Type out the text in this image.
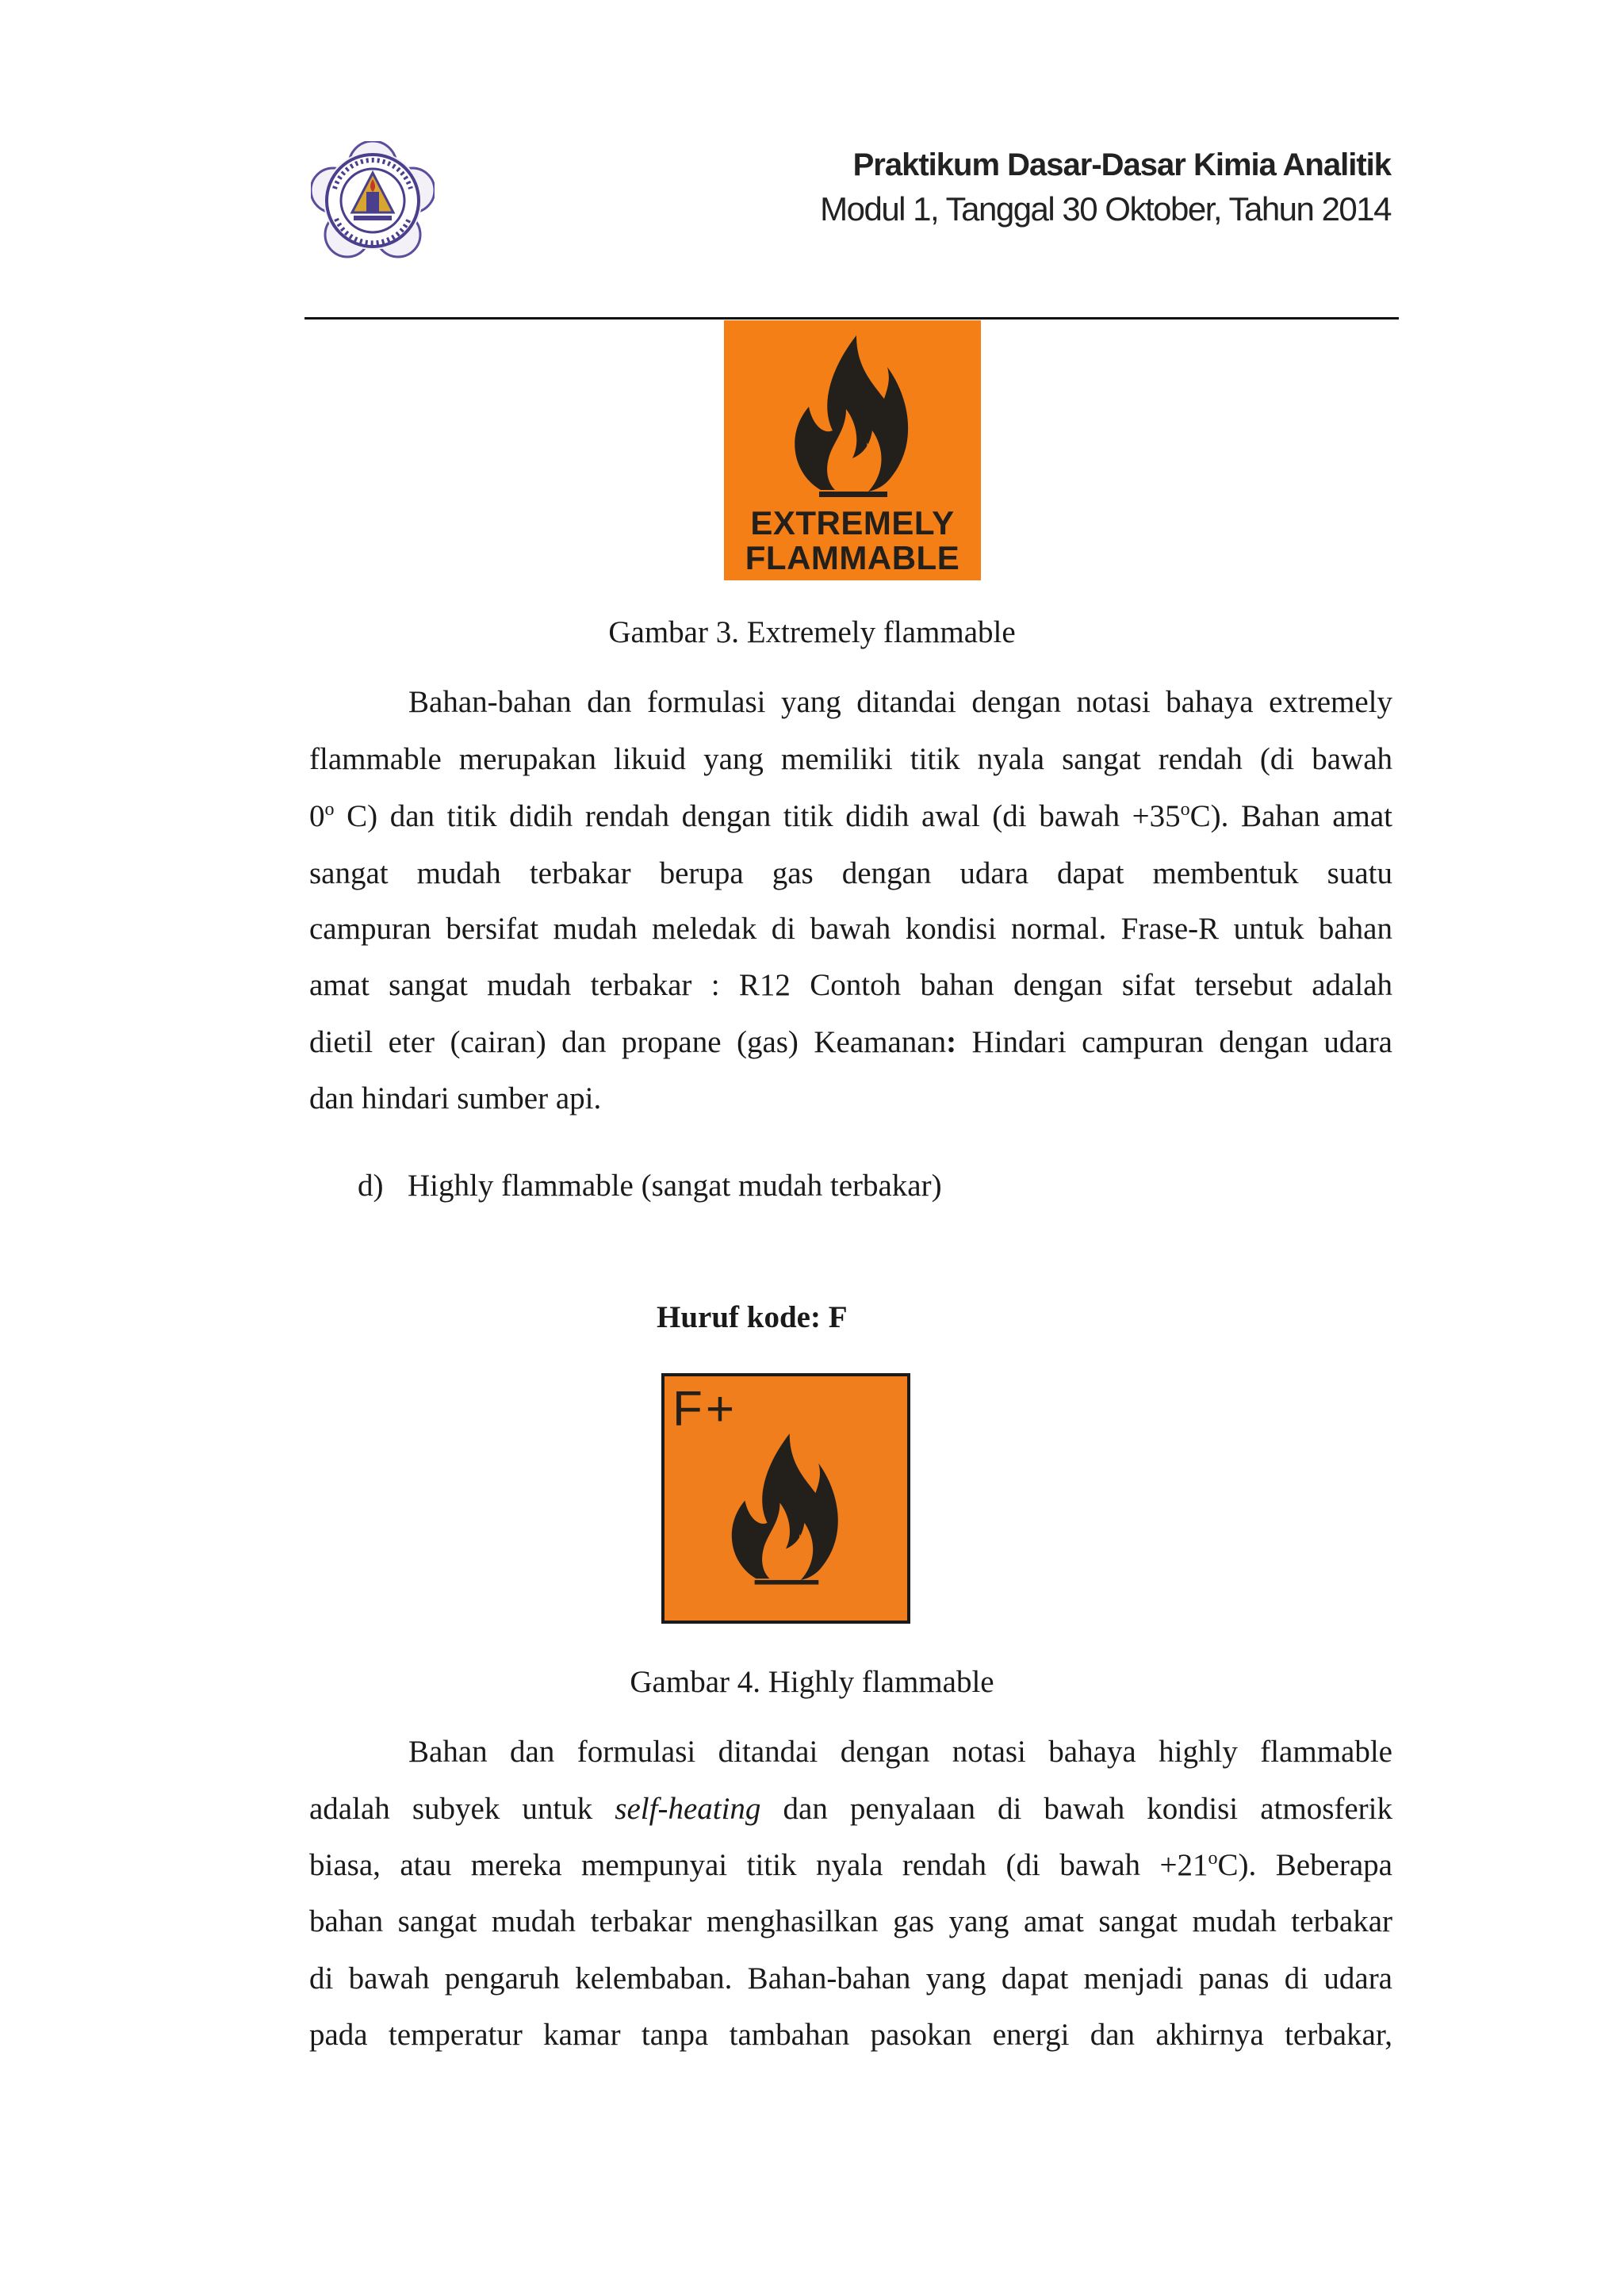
Praktikum Dasar-Dasar Kimia Analitik
Modul 1, Tanggal 30 Oktober, Tahun 2014
EXTREMELY
FLAMMABLE
Gambar 3. Extremely flammable
Bahan-bahan dan formulasi yang ditandai dengan notasi bahaya extremely
flammable merupakan likuid yang memiliki titik nyala sangat rendah (di bawah
0$^o$ C) dan titik didih rendah dengan titik didih awal (di bawah $+35^oC$). Bahan amat
sangat mudah terbakar berupa gas dengan udara dapat membentuk suatu
campuran bersifat mudah meledak di bawah kondisi normal. Frase-R untuk bahan
amat sangat mudah terbakar : R12 Contoh bahan dengan sifat tersebut adalah
dietil eter (cairan) dan propane (gas) Keamanan: Hindari campuran dengan udara
dan hindari sumber api.
d) Highly flammable (sangat mudah terbakar)
Huruf kode: F
F+
Gambar 4. Highly flammable
Bahan dan formulasi ditandai dengan notasi bahaya highly flammable
adalah subyek untuk self-heating dan penyalaan di bawah kondisi atmosferik
biasa, atau mereka mempunyai titik nyala rendah (di bawah $+21^oC$). Beberapa
bahan sangat mudah terbakar menghasilkan gas yang amat sangat mudah terbakar
di bawah pengaruh kelembaban. Bahan-bahan yang dapat menjadi panas di udara
pada temperatur kamar tanpa tambahan pasokan energi dan akhirnya terbakar,
